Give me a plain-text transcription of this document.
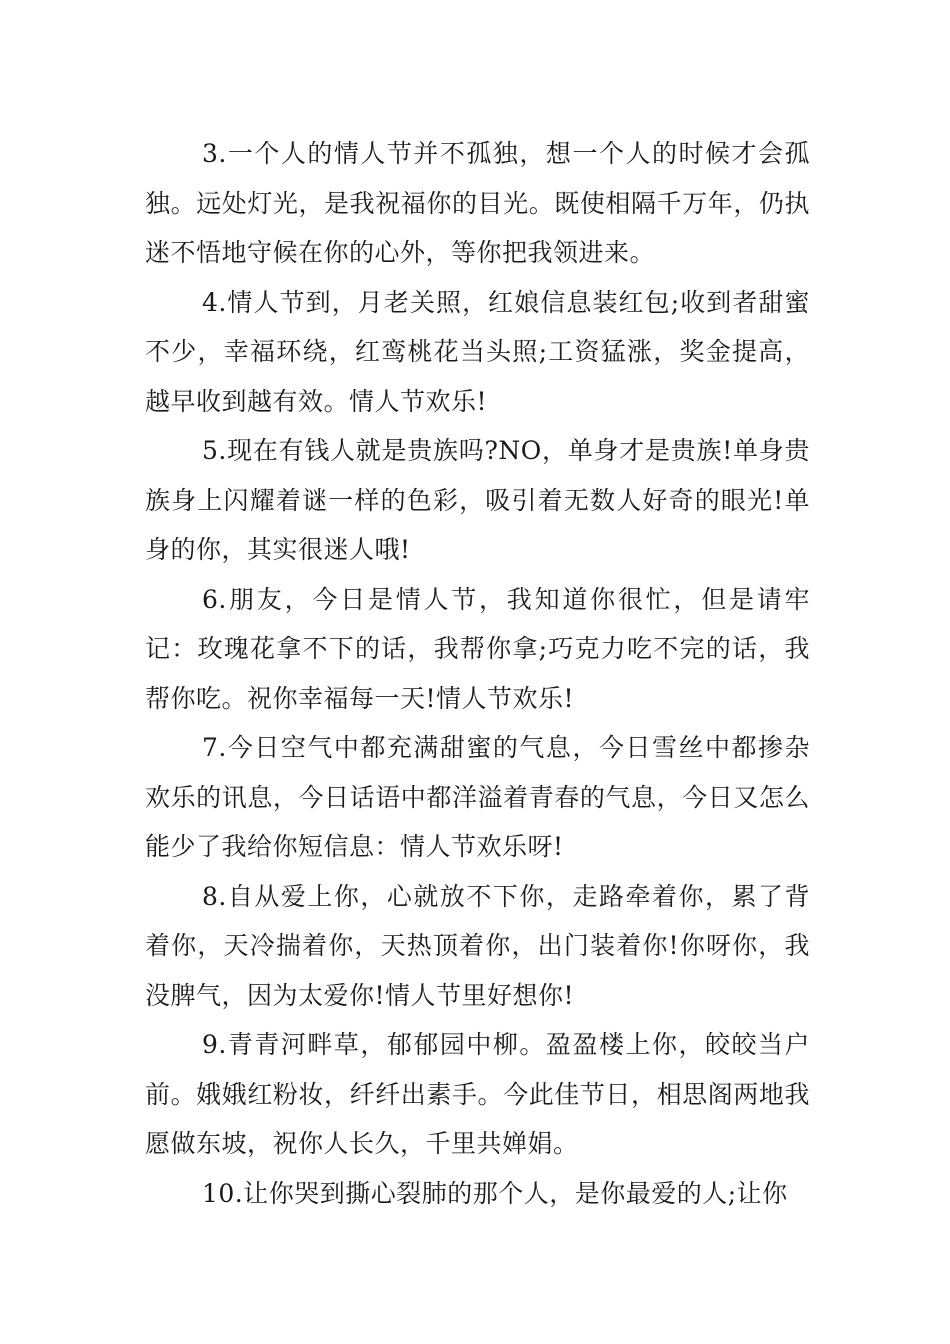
3.一个人的情人节并不孤独，想一个人的时候才会孤独。远处灯光，是我祝福你的目光。既使相隔千万年，仍执迷不悟地守候在你的心外，等你把我领进来。

4.情人节到，月老关照，红娘信息装红包;收到者甜蜜不少，幸福环绕，红鸾桃花当头照;工资猛涨，奖金提高，越早收到越有效。情人节欢乐!

5.现在有钱人就是贵族吗?NO，单身才是贵族!单身贵族身上闪耀着谜一样的色彩，吸引着无数人好奇的眼光!单身的你，其实很迷人哦!

6.朋友，今日是情人节，我知道你很忙，但是请牢记：玫瑰花拿不下的话，我帮你拿;巧克力吃不完的话，我帮你吃。祝你幸福每一天!情人节欢乐!

7.今日空气中都充满甜蜜的气息，今日雪丝中都掺杂欢乐的讯息，今日话语中都洋溢着青春的气息，今日又怎么能少了我给你短信息：情人节欢乐呀!

8.自从爱上你，心就放不下你，走路牵着你，累了背着你，天冷揣着你，天热顶着你，出门装着你!你呀你，我没脾气，因为太爱你!情人节里好想你!

9.青青河畔草，郁郁园中柳。盈盈楼上你，皎皎当户前。娥娥红粉妆，纤纤出素手。今此佳节日，相思阁两地我愿做东坡，祝你人长久，千里共婵娟。

10.让你哭到撕心裂肺的那个人，是你最爱的人;让你
